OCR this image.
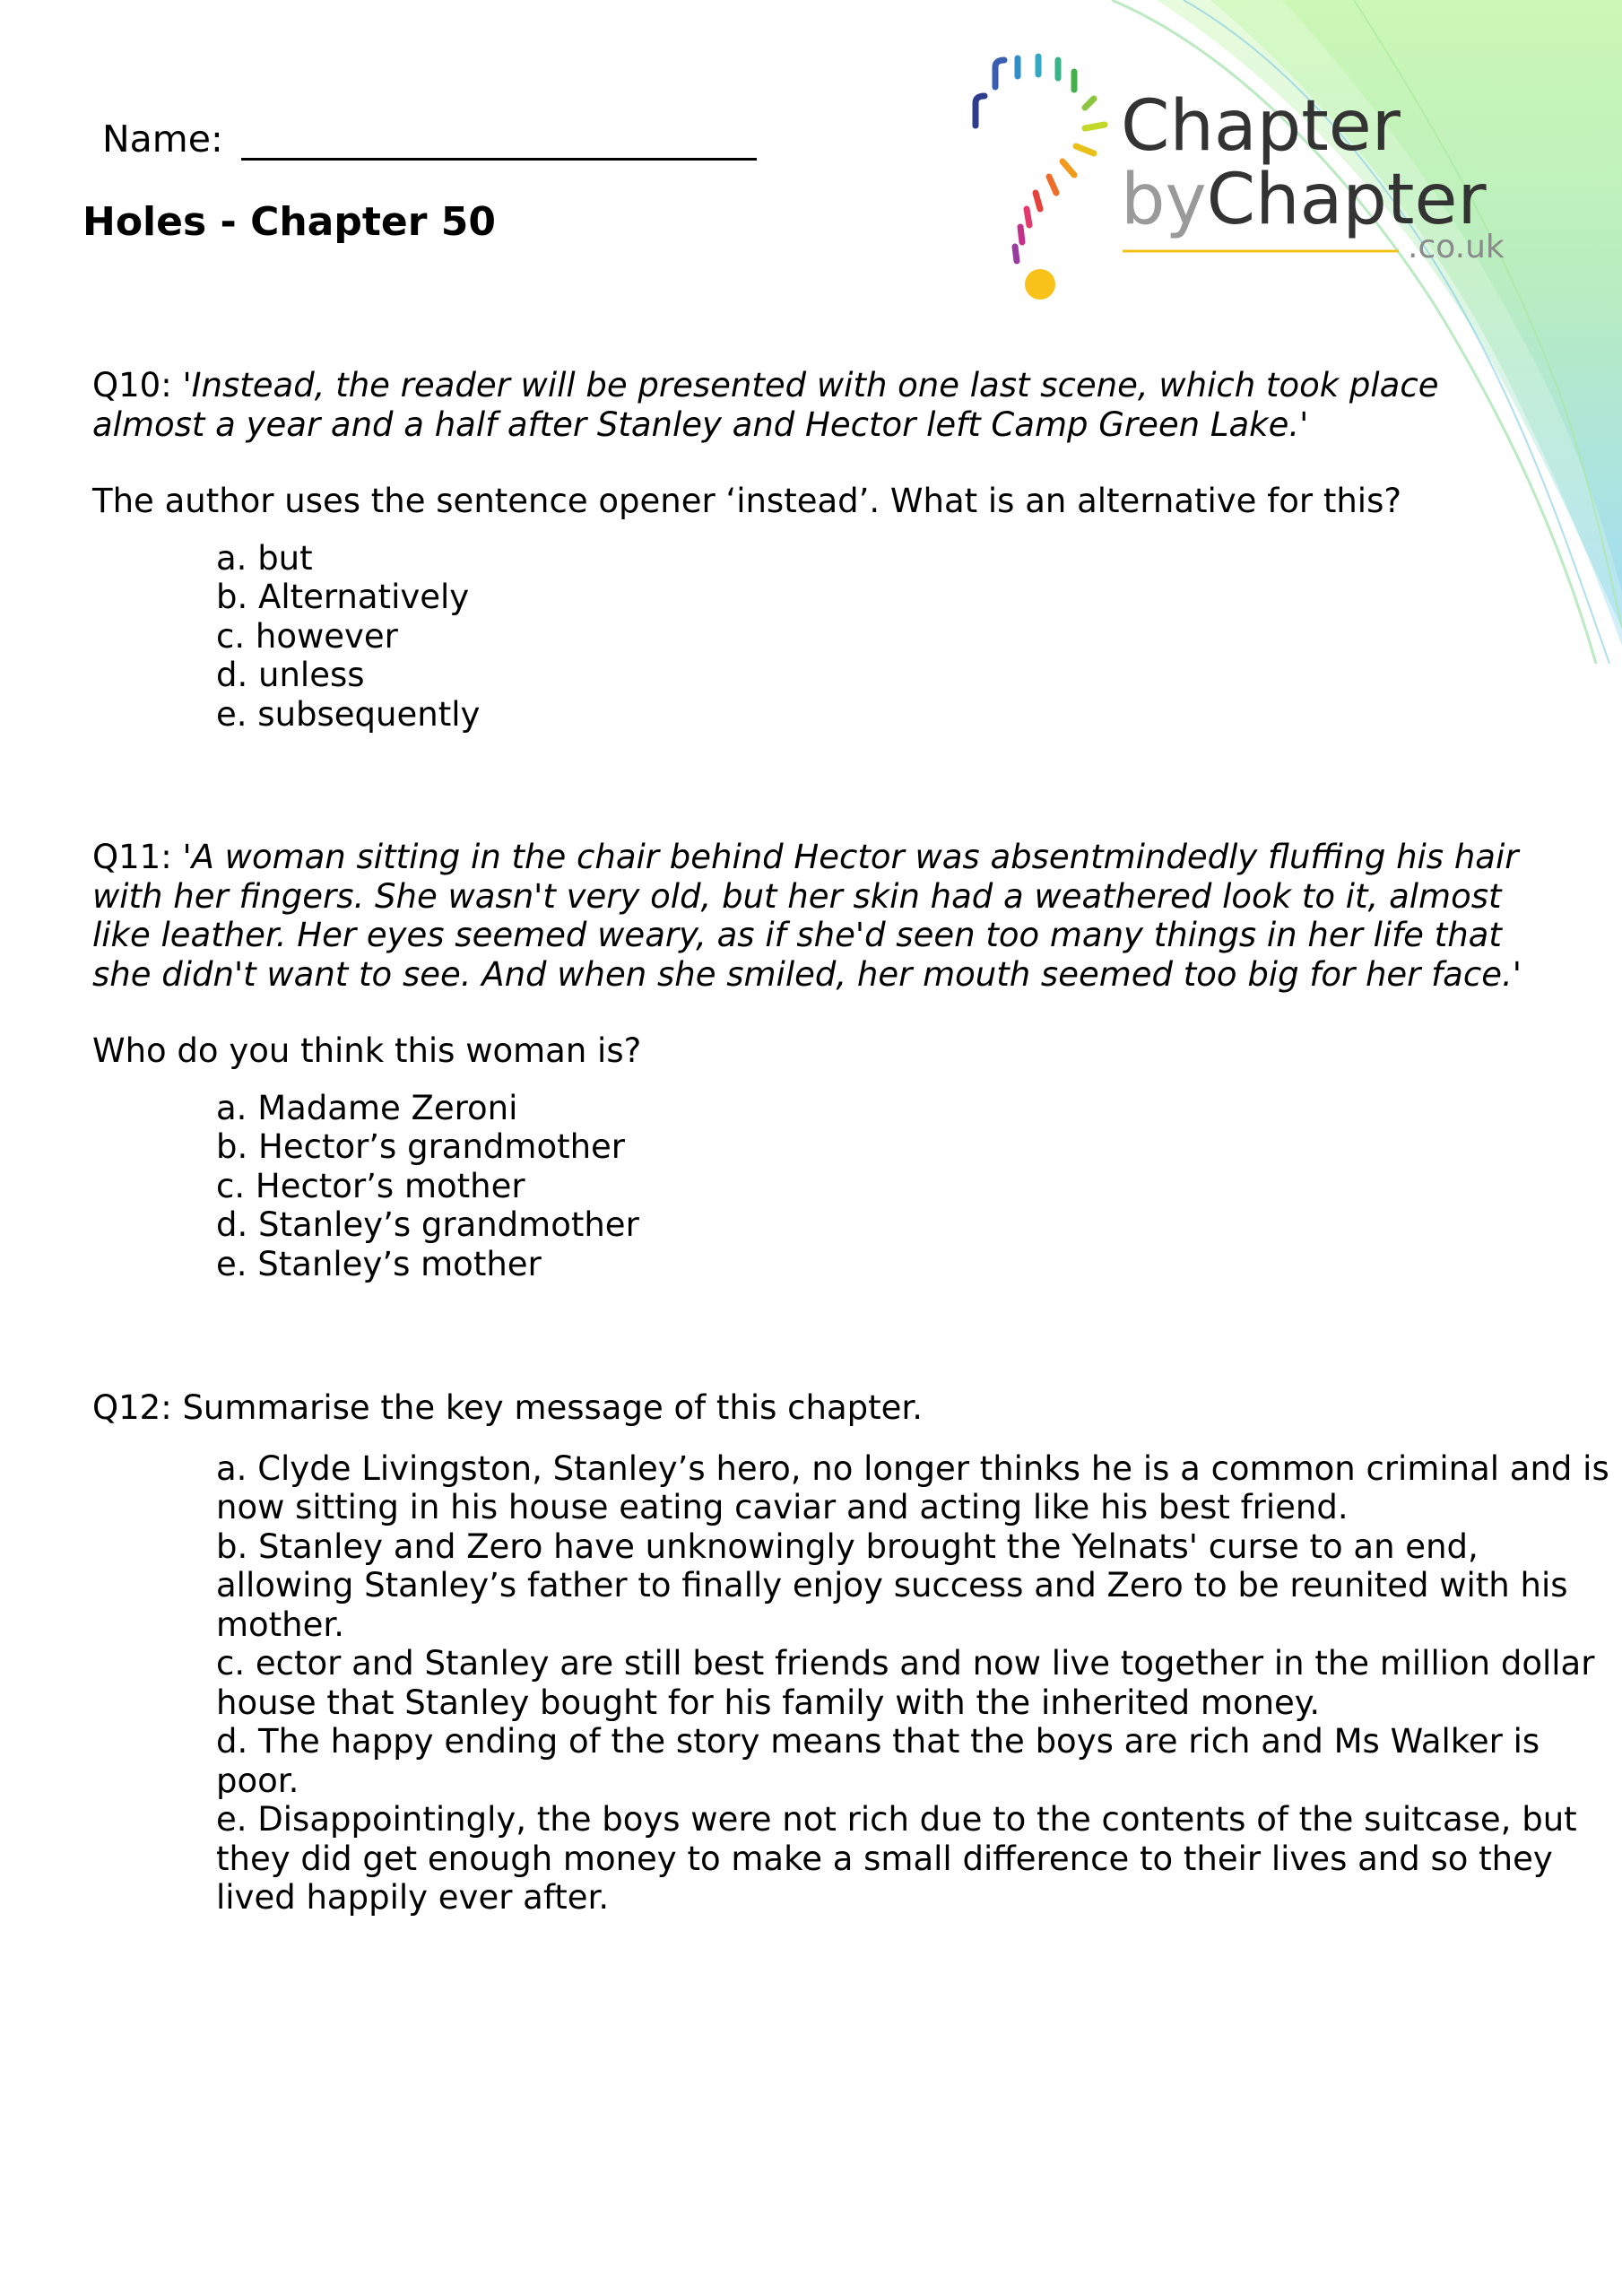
Chapter
byChapter
.co.uk
Name:
Holes - Chapter 50

Q10: 'Instead, the reader will be presented with one last scene, which took place almost a year and a half after Stanley and Hector left Camp Green Lake.'

The author uses the sentence opener ‘instead’. What is an alternative for this?

a. but
b. Alternatively
c. however
d. unless
e. subsequently

Q11: 'A woman sitting in the chair behind Hector was absentmindedly fluffing his hair with her fingers. She wasn't very old, but her skin had a weathered look to it, almost like leather. Her eyes seemed weary, as if she'd seen too many things in her life that she didn't want to see. And when she smiled, her mouth seemed too big for her face.'

Who do you think this woman is?

a. Madame Zeroni
b. Hector’s grandmother
c. Hector’s mother
d. Stanley’s grandmother
e. Stanley’s mother

Q12: Summarise the key message of this chapter.

a. Clyde Livingston, Stanley’s hero, no longer thinks he is a common criminal and is now sitting in his house eating caviar and acting like his best friend.
b. Stanley and Zero have unknowingly brought the Yelnats' curse to an end, allowing Stanley’s father to finally enjoy success and Zero to be reunited with his mother.
c. ector and Stanley are still best friends and now live together in the million dollar house that Stanley bought for his family with the inherited money.
d. The happy ending of the story means that the boys are rich and Ms Walker is poor.
e. Disappointingly, the boys were not rich due to the contents of the suitcase, but they did get enough money to make a small difference to their lives and so they lived happily ever after.
